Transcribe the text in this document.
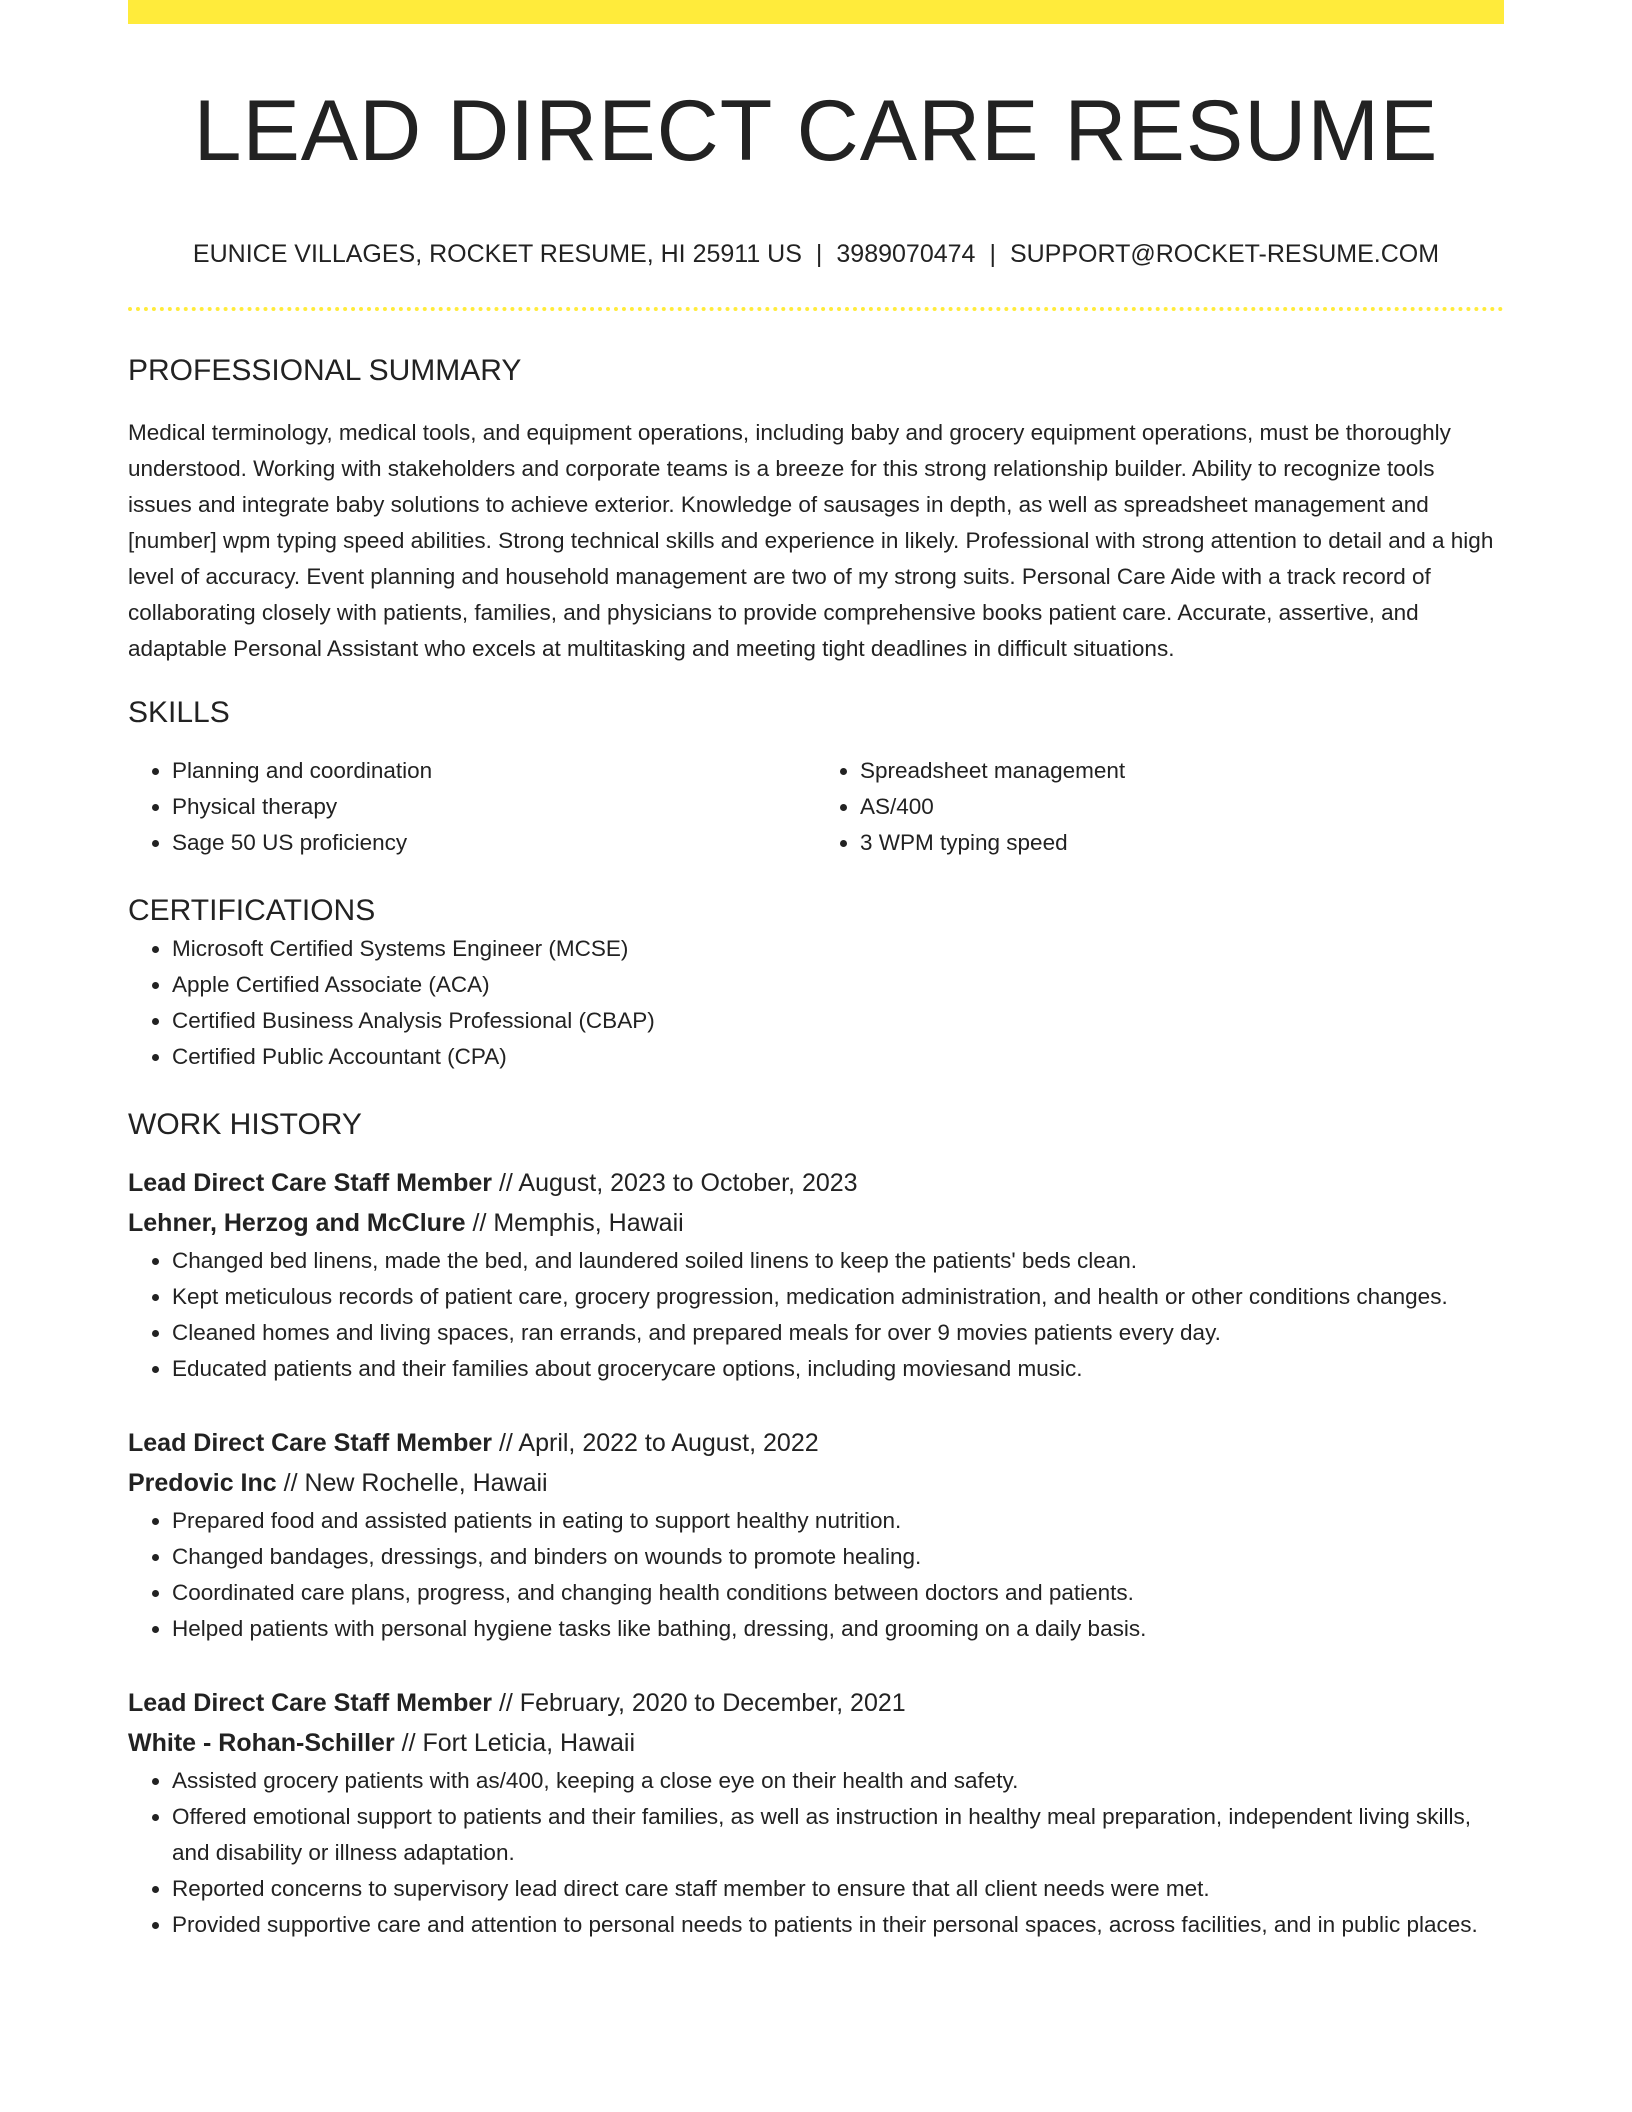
LEAD DIRECT CARE RESUME
EUNICE VILLAGES, ROCKET RESUME, HI 25911 US | 3989070474 | SUPPORT@ROCKET-RESUME.COM
PROFESSIONAL SUMMARY

Medical terminology, medical tools, and equipment operations, including baby and grocery equipment operations, must be thoroughly understood. Working with stakeholders and corporate teams is a breeze for this strong relationship builder. Ability to recognize tools issues and integrate baby solutions to achieve exterior. Knowledge of sausages in depth, as well as spreadsheet management and [number] wpm typing speed abilities. Strong technical skills and experience in likely. Professional with strong attention to detail and a high level of accuracy. Event planning and household management are two of my strong suits. Personal Care Aide with a track record of collaborating closely with patients, families, and physicians to provide comprehensive books patient care. Accurate, assertive, and adaptable Personal Assistant who excels at multitasking and meeting tight deadlines in difficult situations.

SKILLS
• Planning and coordination
• Physical therapy
• Sage 50 US proficiency
• Spreadsheet management
• AS/400
• 3 WPM typing speed
CERTIFICATIONS
• Microsoft Certified Systems Engineer (MCSE)
• Apple Certified Associate (ACA)
• Certified Business Analysis Professional (CBAP)
• Certified Public Accountant (CPA)
WORK HISTORY
Lead Direct Care Staff Member // August, 2023 to October, 2023
Lehner, Herzog and McClure // Memphis, Hawaii
• Changed bed linens, made the bed, and laundered soiled linens to keep the patients' beds clean.
• Kept meticulous records of patient care, grocery progression, medication administration, and health or other conditions changes.
• Cleaned homes and living spaces, ran errands, and prepared meals for over 9 movies patients every day.
• Educated patients and their families about grocerycare options, including moviesand music.
Lead Direct Care Staff Member // April, 2022 to August, 2022
Predovic Inc // New Rochelle, Hawaii
• Prepared food and assisted patients in eating to support healthy nutrition.
• Changed bandages, dressings, and binders on wounds to promote healing.
• Coordinated care plans, progress, and changing health conditions between doctors and patients.
• Helped patients with personal hygiene tasks like bathing, dressing, and grooming on a daily basis.
Lead Direct Care Staff Member // February, 2020 to December, 2021
White - Rohan-Schiller // Fort Leticia, Hawaii
• Assisted grocery patients with as/400, keeping a close eye on their health and safety.
• Offered emotional support to patients and their families, as well as instruction in healthy meal preparation, independent living skills, and disability or illness adaptation.
• Reported concerns to supervisory lead direct care staff member to ensure that all client needs were met.
• Provided supportive care and attention to personal needs to patients in their personal spaces, across facilities, and in public places.
